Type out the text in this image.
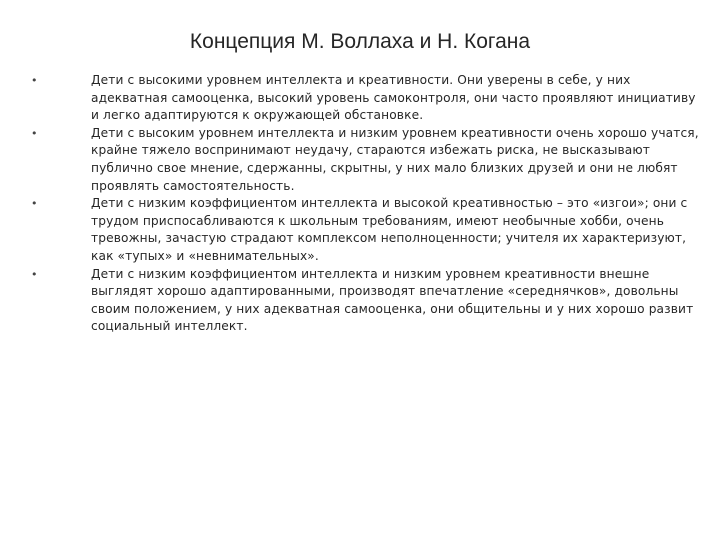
Концепция М. Воллаха и Н. Когана
•	Дети с высокими уровнем интеллекта и креативности. Они уверены в себе, у них адекватная самооценка, высокий уровень самоконтроля, они часто проявляют инициативу и легко адаптируются к окружающей обстановке.
•	Дети с высоким уровнем интеллекта и низким уровнем креативности очень хорошо учатся, крайне тяжело воспринимают неудачу, стараются избежать риска, не высказывают публично свое мнение, сдержанны, скрытны, у них мало близких друзей и они не любят проявлять самостоятельность.
•	Дети с низким коэффициентом интеллекта и высокой креативностью – это «изгои»; они с трудом приспосабливаются к школьным требованиям, имеют необычные хобби, очень тревожны, зачастую страдают комплексом неполноценности; учителя их характеризуют, как «тупых» и «невнимательных».
•	Дети с низким коэффициентом интеллекта и низким уровнем креативности внешне выглядят хорошо адаптированными, производят впечатление «середнячков», довольны своим положением, у них адекватная самооценка, они общительны и у них хорошо развит социальный интеллект.
